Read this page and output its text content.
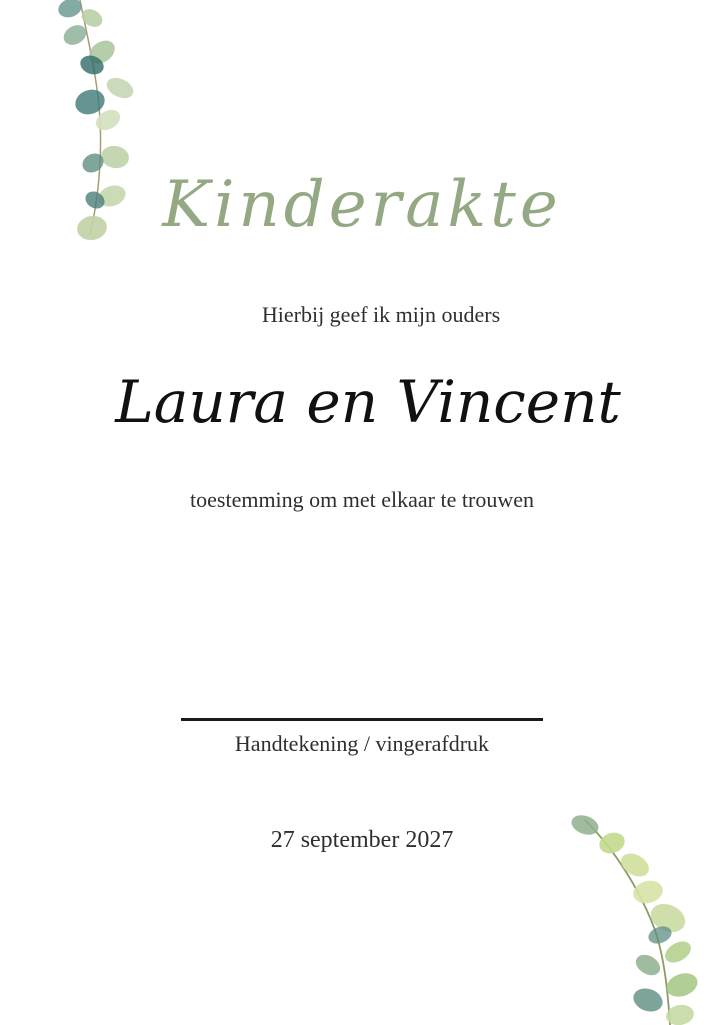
Kinderakte
Hierbij geef ik mijn ouders
Laura en Vincent
toestemming om met elkaar te trouwen
Handtekening / vingerafdruk
27 september 2027
